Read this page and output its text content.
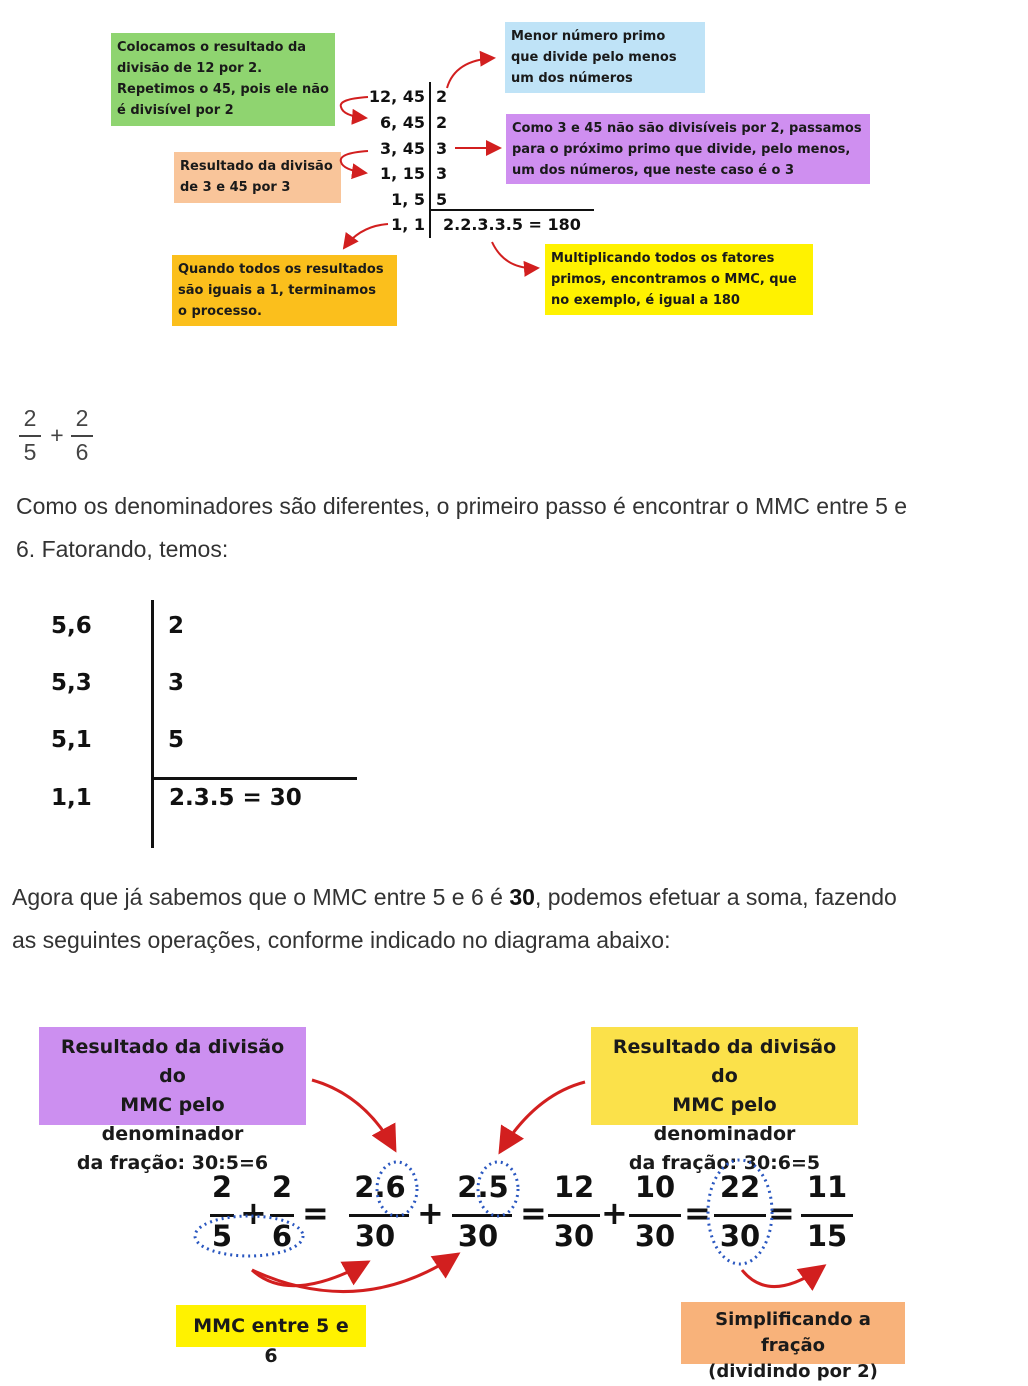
Colocamos o resultado da
divisão de 12 por 2.
Repetimos o 45, pois ele não
é divisível por 2
Menor número primo
que divide pelo menos
um dos números
Como 3 e 45 não são divisíveis por 2, passamos
para o próximo primo que divide, pelo menos,
um dos números, que neste caso é o 3
Resultado da divisão
de 3 e 45 por 3
Quando todos os resultados
são iguais a 1, terminamos
o processo.
Multiplicando todos os fatores
primos, encontramos o MMC, que
no exemplo, é igual a 180
12, 45 2
6, 45 2
3, 45 3
1, 15 3
1, 5 5
1, 1 2.2.3.3.5 = 180
2
5
+
2
6
Como os denominadores são diferentes, o primeiro passo é encontrar o MMC entre 5 e
6. Fatorando, temos:
5,6	2
5,3	3
5,1	5
1,1	2.3.5 = 30
Agora que já sabemos que o MMC entre 5 e 6 é 30, podemos efetuar a soma, fazendo
as seguintes operações, conforme indicado no diagrama abaixo:
Resultado da divisão do
MMC pelo denominador
da fração: 30:5=6
Resultado da divisão do
MMC pelo denominador
da fração: 30:6=5
MMC entre 5 e 6
Simplificando a fração
(dividindo por 2)
2
5
+
2
6
=
2.6
30
+
2.5
30
=
12
30
+
10
30
=
22
30
=
11
15
